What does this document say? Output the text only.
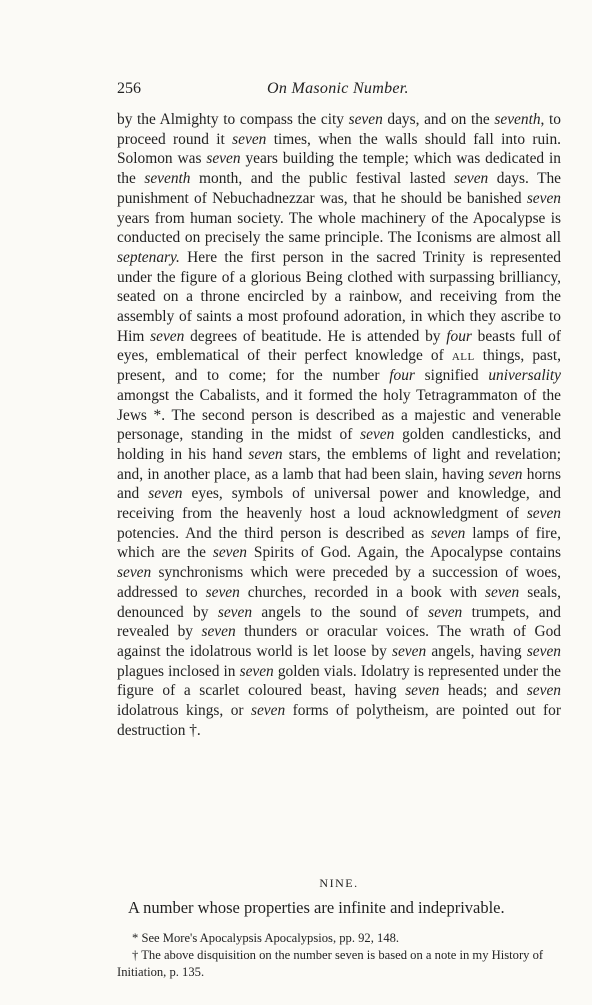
256	On Masonic Number.

by the Almighty to compass the city seven days, and on the seventh, to proceed round it seven times, when the walls should fall into ruin. Solomon was seven years building the temple; which was dedicated in the seventh month, and the public festival lasted seven days. The punishment of Nebuchadnezzar was, that he should be banished seven years from human society. The whole machinery of the Apocalypse is conducted on precisely the same principle. The Iconisms are almost all septenary. Here the first person in the sacred Trinity is represented under the figure of a glorious Being clothed with surpassing brilliancy, seated on a throne encircled by a rainbow, and receiving from the assembly of saints a most profound adoration, in which they ascribe to Him seven degrees of beatitude. He is attended by four beasts full of eyes, emblematical of their perfect knowledge of all things, past, present, and to come; for the number four signified universality amongst the Cabalists, and it formed the holy Tetragrammaton of the Jews *. The second person is described as a majestic and venerable personage, standing in the midst of seven golden candlesticks, and holding in his hand seven stars, the emblems of light and revelation; and, in another place, as a lamb that had been slain, having seven horns and seven eyes, symbols of universal power and knowledge, and receiving from the heavenly host a loud acknowledgment of seven potencies. And the third person is described as seven lamps of fire, which are the seven Spirits of God. Again, the Apocalypse contains seven synchronisms which were preceded by a succession of woes, addressed to seven churches, recorded in a book with seven seals, denounced by seven angels to the sound of seven trumpets, and revealed by seven thunders or oracular voices. The wrath of God against the idolatrous world is let loose by seven angels, having seven plagues inclosed in seven golden vials. Idolatry is represented under the figure of a scarlet coloured beast, having seven heads; and seven idolatrous kings, or seven forms of polytheism, are pointed out for destruction †.

NINE.
A number whose properties are infinite and indeprivable.

* See More's Apocalypsis Apocalypsios, pp. 92, 148.

† The above disquisition on the number seven is based on a note in my History of Initiation, p. 135.
